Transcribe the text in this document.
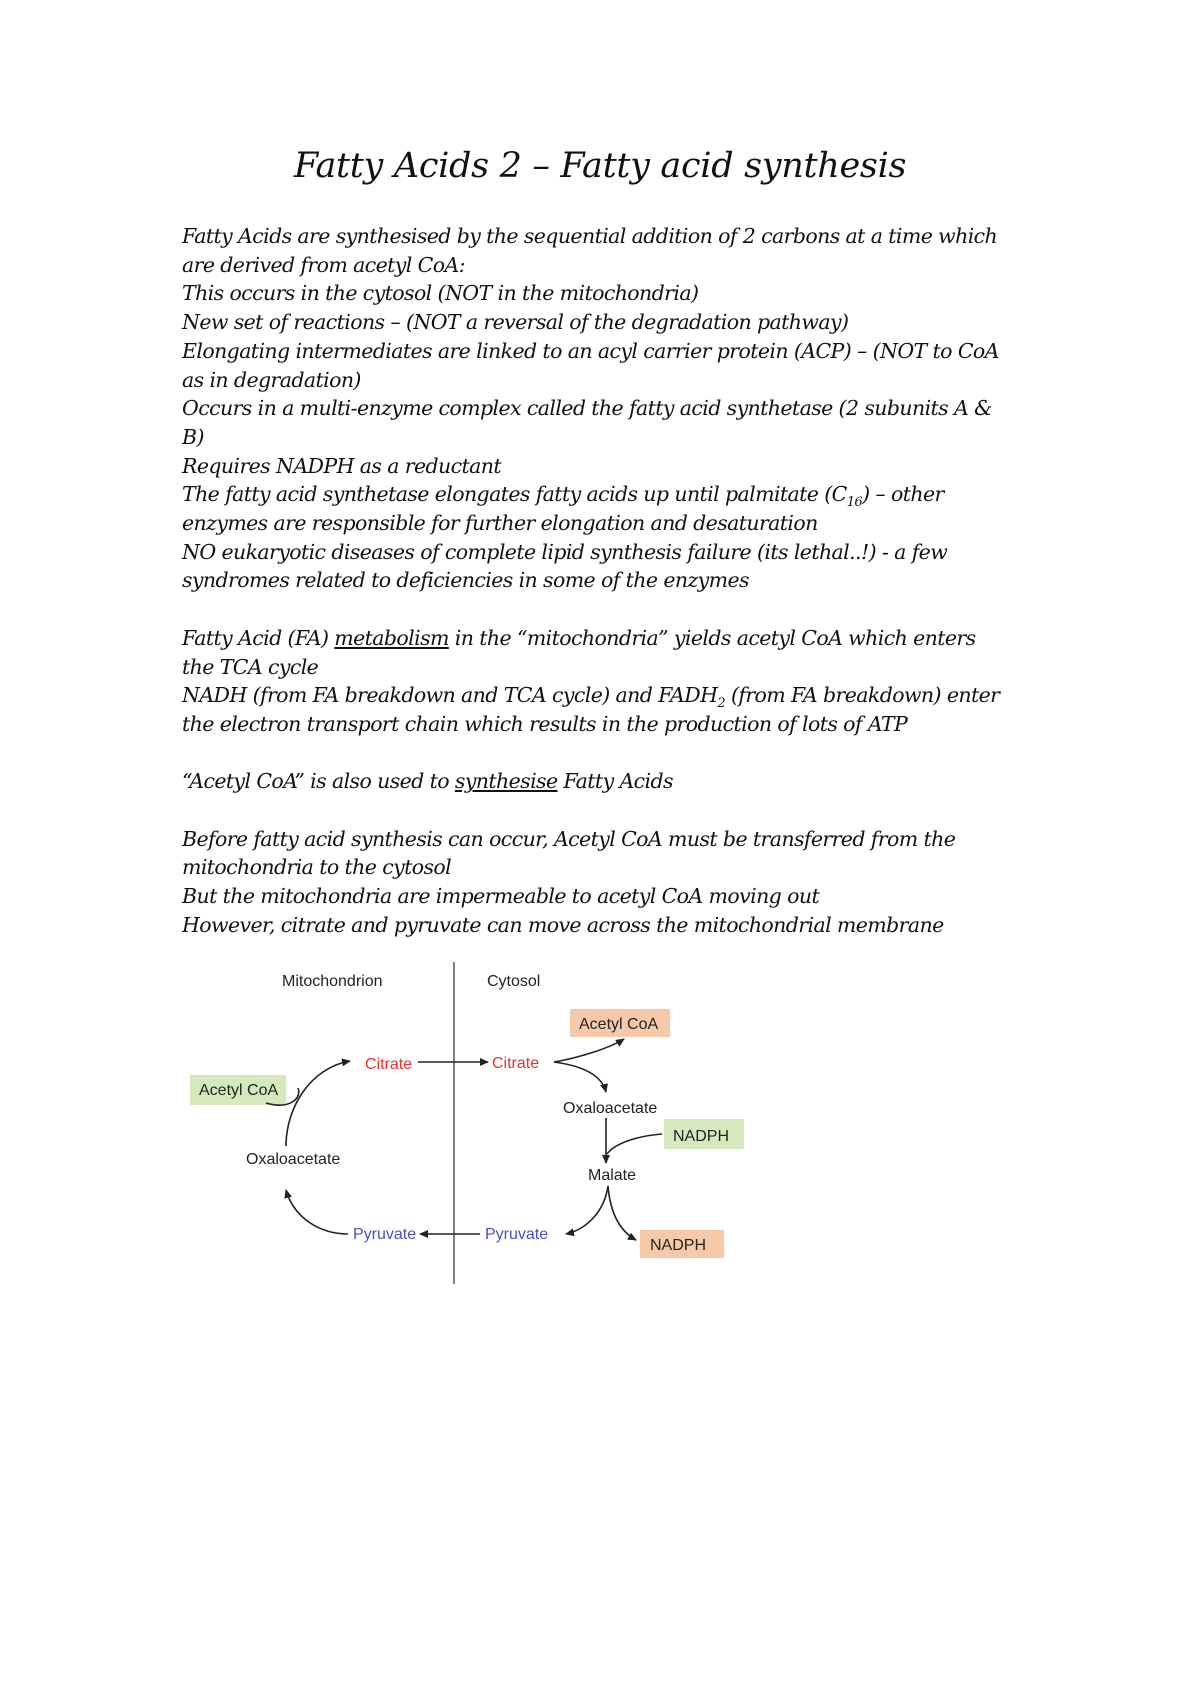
Fatty Acids 2 – Fatty acid synthesis

Fatty Acids are synthesised by the sequential addition of 2 carbons at a time which

are derived from acetyl CoA:

This occurs in the cytosol (NOT in the mitochondria)

New set of reactions – (NOT a reversal of the degradation pathway)

Elongating intermediates are linked to an acyl carrier protein (ACP) – (NOT to CoA

as in degradation)

Occurs in a multi-enzyme complex called the fatty acid synthetase (2 subunits A &

B)

Requires NADPH as a reductant

The fatty acid synthetase elongates fatty acids up until palmitate $(C_{16})$ – other

enzymes are responsible for further elongation and desaturation

NO eukaryotic diseases of complete lipid synthesis failure (its lethal..!) - a few

syndromes related to deficiencies in some of the enzymes

Fatty Acid (FA) metabolism in the “mitochondria” yields acetyl CoA which enters

the TCA cycle

NADH (from FA breakdown and TCA cycle) and $FADH_2$ (from FA breakdown) enter

the electron transport chain which results in the production of lots of ATP

“Acetyl CoA” is also used to synthesise Fatty Acids

Before fatty acid synthesis can occur, Acetyl CoA must be transferred from the

mitochondria to the cytosol

But the mitochondria are impermeable to acetyl CoA moving out

However, citrate and pyruvate can move across the mitochondrial membrane

Mitochondrion	Cytosol
Acetyl CoA
Citrate
Oxaloacetate
Pyruvate
Citrate
Acetyl CoA
Oxaloacetate
NADPH
Malate
NADPH
Pyruvate
